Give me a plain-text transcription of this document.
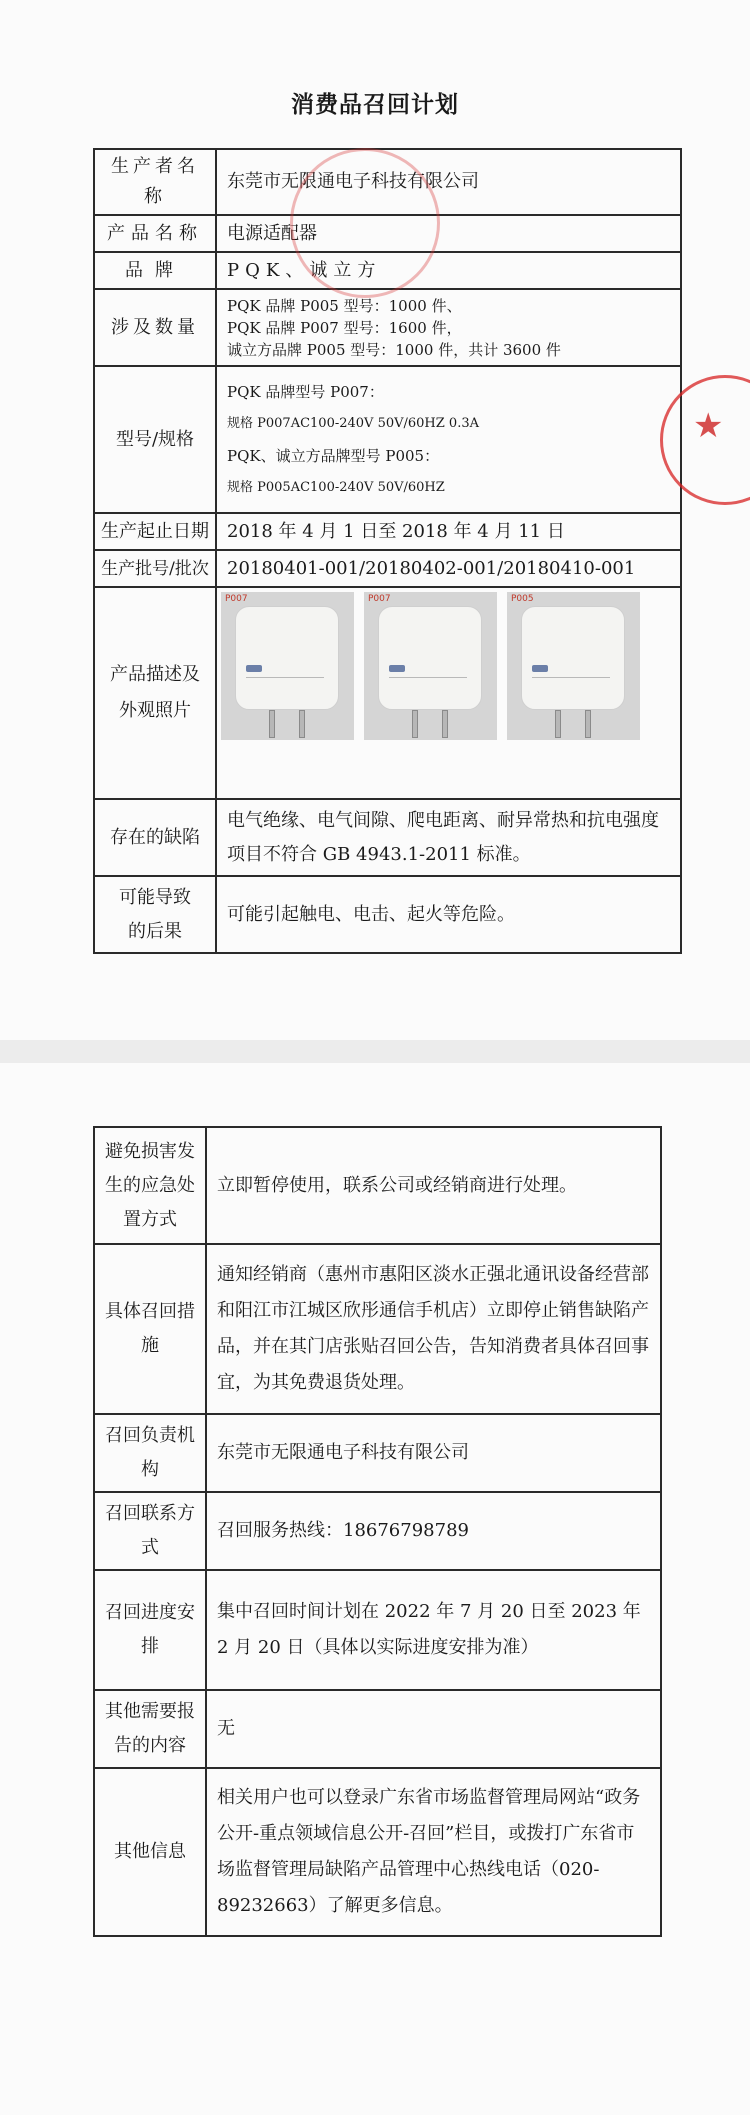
消费品召回计划
生产者名称	东莞市无限通电子科技有限公司
产品名称	电源适配器
品牌	PQK、诚立方
涉及数量	PQK 品牌 P005 型号：1000 件、
PQK 品牌 P007 型号：1600 件，
诚立方品牌 P005 型号：1000 件，共计 3600 件

型号/规格	PQK 品牌型号 P007：
规格 P007AC100-240V 50V/60HZ 0.3A
PQK、诚立方品牌型号 P005：
规格 P005AC100-240V 50V/60HZ

生产起止日期	2018 年 4 月 1 日至 2018 年 4 月 11 日
生产批号/批次	20180401-001/20180402-001/20180410-001
产品描述及外观照片	P007 P007 P005

存在的缺陷	电气绝缘、电气间隙、爬电距离、耐异常热和抗电强度项目不符合 GB 4943.1-2011 标准。
可能导致的后果	可能引起触电、电击、起火等危险。
★
避免损害发生的应急处置方式	立即暂停使用，联系公司或经销商进行处理。
具体召回措施	通知经销商（惠州市惠阳区淡水正强北通讯设备经营部和阳江市江城区欣彤通信手机店）立即停止销售缺陷产品，并在其门店张贴召回公告，告知消费者具体召回事宜，为其免费退货处理。
召回负责机构	东莞市无限通电子科技有限公司
召回联系方式	召回服务热线：18676798789
召回进度安排	集中召回时间计划在 2022 年 7 月 20 日至 2023 年 2 月 20 日（具体以实际进度安排为准）
其他需要报告的内容	无
其他信息	相关用户也可以登录广东省市场监督管理局网站“政务公开-重点领域信息公开-召回”栏目，或拨打广东省市场监督管理局缺陷产品管理中心热线电话（020-89232663）了解更多信息。
